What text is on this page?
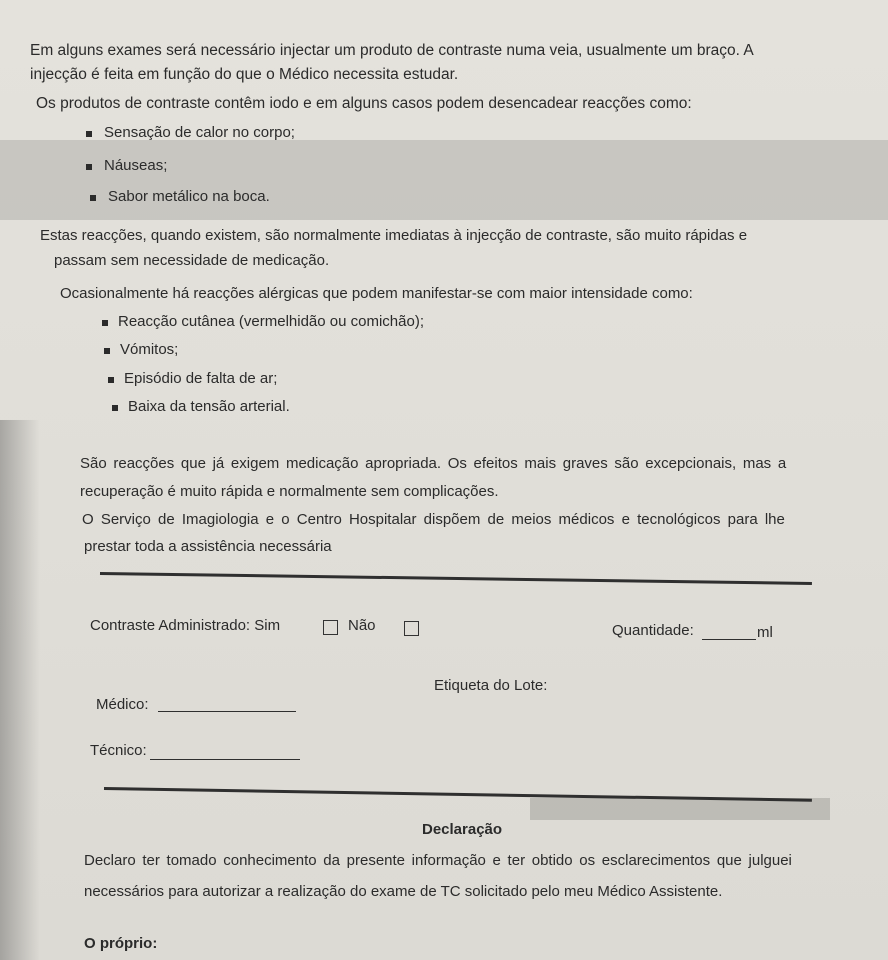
Em alguns exames será necessário injectar um produto de contraste numa veia, usualmente um braço. A
injecção é feita em função do que o Médico necessita estudar.
Os produtos de contraste contêm iodo e em alguns casos podem desencadear reacções como:
Sensação de calor no corpo;
Náuseas;
Sabor metálico na boca.
Estas reacções, quando existem, são normalmente imediatas à injecção de contraste, são muito rápidas e
passam sem necessidade de medicação.
Ocasionalmente há reacções alérgicas que podem manifestar-se com maior intensidade como:
Reacção cutânea (vermelhidão ou comichão);
Vómitos;
Episódio de falta de ar;
Baixa da tensão arterial.
São reacções que já exigem medicação apropriada. Os efeitos mais graves são excepcionais, mas a
recuperação é muito rápida e normalmente sem complicações.
O Serviço de Imagiologia e o Centro Hospitalar dispõem de meios médicos e tecnológicos para lhe
prestar toda a assistência necessária
Contraste Administrado: Sim	Não	Quantidade:	ml
Etiqueta do Lote:
Médico:
Técnico:
Declaração
Declaro ter tomado conhecimento da presente informação e ter obtido os esclarecimentos que julguei
necessários para autorizar a realização do exame de TC solicitado pelo meu Médico Assistente.
O próprio:
